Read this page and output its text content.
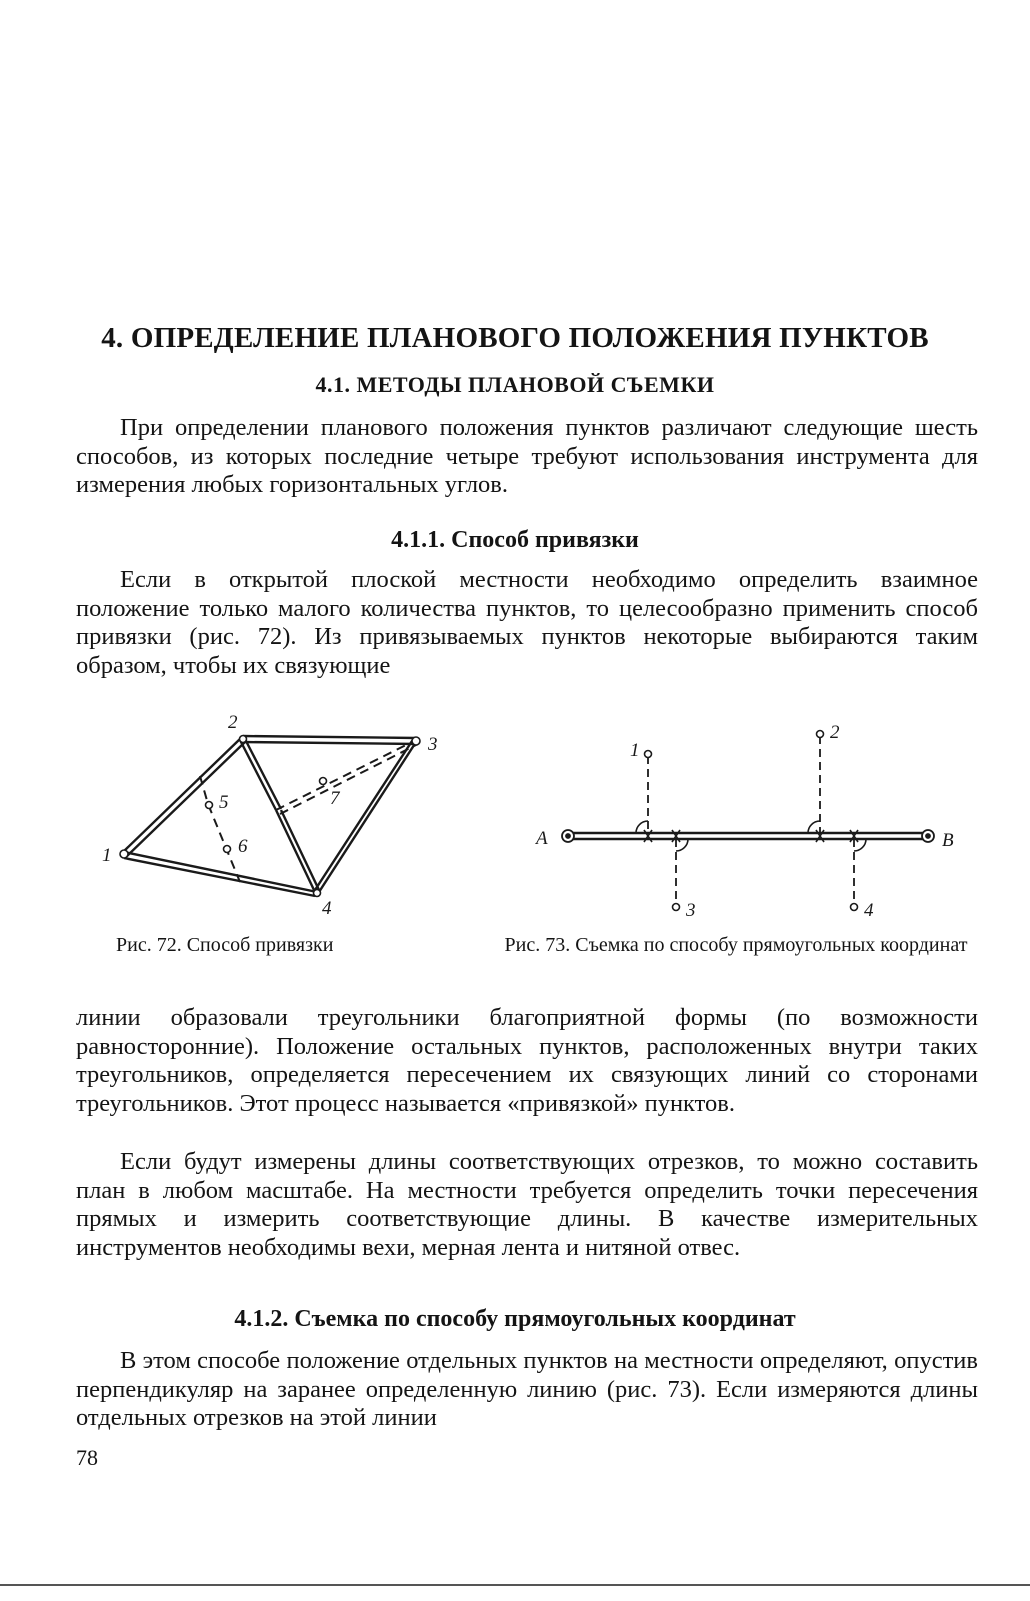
4. ОПРЕДЕЛЕНИЕ ПЛАНОВОГО ПОЛОЖЕНИЯ ПУНКТОВ
4.1. МЕТОДЫ ПЛАНОВОЙ СЪЕМКИ

При определении планового положения пунктов различают следующие шесть способов, из которых последние четыре требуют использования инструмента для измерения любых горизонтальных углов.

4.1.1. Способ привязки

Если в открытой плоской местности необходимо определить взаимное положение только малого количества пунктов, то целесообразно применить способ привязки (рис. 72). Из привязываемых пунктов некоторые выбираются таким образом, чтобы их связующие

1
2
3
4
5
6
7

Рис. 72. Способ привязки

A	B
1
2
3	4

Рис. 73. Съемка по способу прямоугольных координат

линии образовали треугольники благоприятной формы (по возможности равносторонние). Положение остальных пунктов, расположенных внутри таких треугольников, определяется пересечением их связующих линий со сторонами треугольников. Этот процесс называется «привязкой» пунктов.

Если будут измерены длины соответствующих отрезков, то можно составить план в любом масштабе. На местности требуется определить точки пересечения прямых и измерить соответствующие длины. В качестве измерительных инструментов необходимы вехи, мерная лента и нитяной отвес.

4.1.2. Съемка по способу прямоугольных координат

В этом способе положение отдельных пунктов на местности определяют, опустив перпендикуляр на заранее определенную линию (рис. 73). Если измеряются длины отдельных отрезков на этой линии

78
